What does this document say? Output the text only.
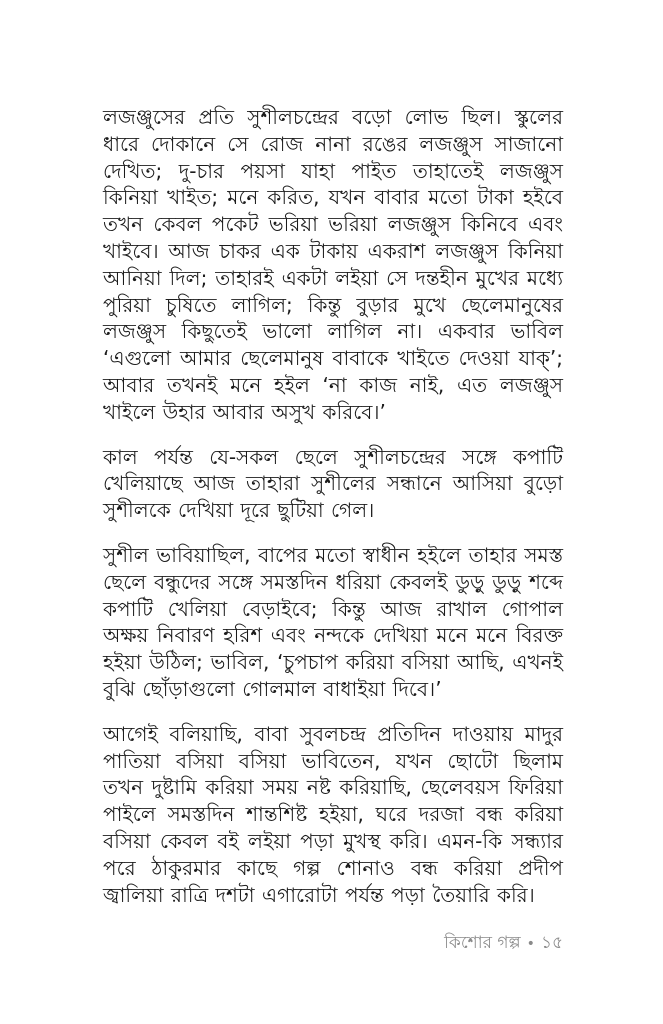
লজঞ্জুসের প্রতি সুশীলচন্দ্রের বড়ো লোভ ছিল। স্কুলের ধারে দোকানে সে রোজ নানা রঙের লজঞ্জুস সাজানো দেখিত; দু-চার পয়সা যাহা পাইত তাহাতেই লজঞ্জুস কিনিয়া খাইত; মনে করিত, যখন বাবার মতো টাকা হইবে তখন কেবল পকেট ভরিয়া ভরিয়া লজঞ্জুস কিনিবে এবং খাইবে। আজ চাকর এক টাকায় একরাশ লজঞ্জুস কিনিয়া আনিয়া দিল; তাহারই একটা লইয়া সে দন্তহীন মুখের মধ্যে পুরিয়া চুষিতে লাগিল; কিন্তু বুড়ার মুখে ছেলেমানুষের লজঞ্জুস কিছুতেই ভালো লাগিল না। একবার ভাবিল ‘এগুলো আমার ছেলেমানুষ বাবাকে খাইতে দেওয়া যাক্‌’; আবার তখনই মনে হইল ‘না কাজ নাই, এত লজঞ্জুস খাইলে উহার আবার অসুখ করিবে।’

কাল পর্যন্ত যে-সকল ছেলে সুশীলচন্দ্রের সঙ্গে কপাটি খেলিয়াছে আজ তাহারা সুশীলের সন্ধানে আসিয়া বুড়ো সুশীলকে দেখিয়া দূরে ছুটিয়া গেল।

সুশীল ভাবিয়াছিল, বাপের মতো স্বাধীন হইলে তাহার সমস্ত ছেলে বন্ধুদের সঙ্গে সমস্তদিন ধরিয়া কেবলই ডুড়ু ডুড়ু শব্দে কপাটি খেলিয়া বেড়াইবে; কিন্তু আজ রাখাল গোপাল অক্ষয় নিবারণ হরিশ এবং নন্দকে দেখিয়া মনে মনে বিরক্ত হইয়া উঠিল; ভাবিল, ‘চুপচাপ করিয়া বসিয়া আছি, এখনই বুঝি ছোঁড়াগুলো গোলমাল বাধাইয়া দিবে।’

আগেই বলিয়াছি, বাবা সুবলচন্দ্র প্রতিদিন দাওয়ায় মাদুর পাতিয়া বসিয়া বসিয়া ভাবিতেন, যখন ছোটো ছিলাম তখন দুষ্টামি করিয়া সময় নষ্ট করিয়াছি, ছেলেবয়স ফিরিয়া পাইলে সমস্তদিন শান্তশিষ্ট হইয়া, ঘরে দরজা বন্ধ করিয়া বসিয়া কেবল বই লইয়া পড়া মুখস্থ করি। এমন-কি সন্ধ্যার পরে ঠাকুরমার কাছে গল্প শোনাও বন্ধ করিয়া প্রদীপ জ্বালিয়া রাত্রি দশটা এগারোটা পর্যন্ত পড়া তৈয়ারি করি।

কিশোর গল্প • ১৫
